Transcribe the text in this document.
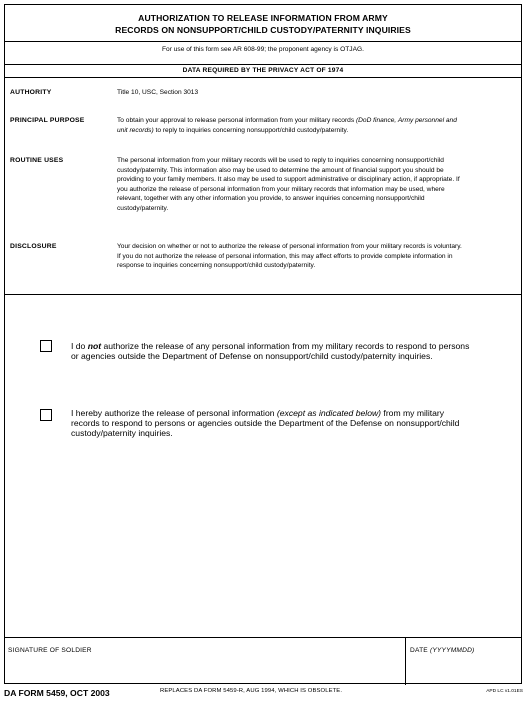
AUTHORIZATION TO RELEASE INFORMATION FROM ARMY
RECORDS ON NONSUPPORT/CHILD CUSTODY/PATERNITY INQUIRIES
For use of this form see AR 608-99; the proponent agency is OTJAG.
DATA REQUIRED BY THE PRIVACY ACT OF 1974
AUTHORITY	Title 10, USC, Section 3013
PRINCIPAL PURPOSE	To obtain your approval to release personal information from your military records (DoD finance, Army personnel and unit records) to reply to inquiries concerning nonsupport/child custody/paternity.
ROUTINE USES	The personal information from your military records will be used to reply to inquiries concerning nonsupport/child custody/paternity. This information also may be used to determine the amount of financial support you should be providing to your family members. It also may be used to support administrative or disciplinary action, if appropriate. If you authorize the release of personal information from your military records that information may be used, where relevant, together with any other information you provide, to answer inquiries concerning nonsupport/child custody/paternity.
DISCLOSURE	Your decision on whether or not to authorize the release of personal information from your military records is voluntary. If you do not authorize the release of personal information, this may affect efforts to provide complete information in response to inquiries concerning nonsupport/child custody/paternity.
I do not authorize the release of any personal information from my military records to respond to persons or agencies outside the Department of Defense on nonsupport/child custody/paternity inquiries.
I hereby authorize the release of personal information (except as indicated below) from my military records to respond to persons or agencies outside the Department of the Defense on nonsupport/child custody/paternity inquiries.
SIGNATURE OF SOLDIER	DATE (YYYYMMDD)
DA FORM 5459, OCT 2003	REPLACES DA FORM 5459-R, AUG 1994, WHICH IS OBSOLETE.	APD LC v1.01ES
